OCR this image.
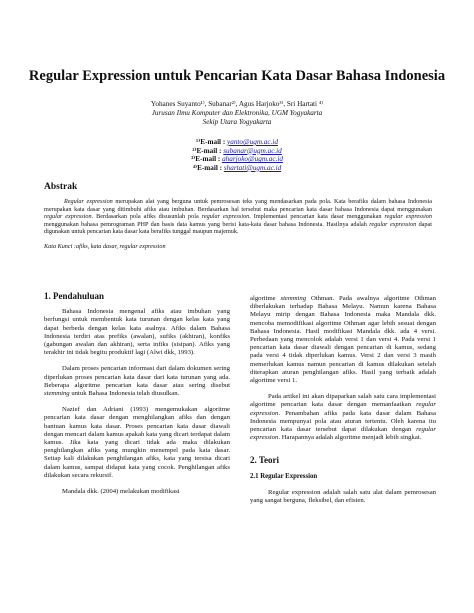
Regular Expression untuk Pencarian Kata Dasar Bahasa Indonesia
Yohanes Suyanto¹⁾, Subanar²⁾, Agus Harjoko³⁾, Sri Hartati ⁴⁾
Jurusan Ilmu Komputer dan Elektronika, UGM Yogyakarta
Sekip Utara Yogyakarta
¹⁾E-mail : yanto@ugm.ac.id
²⁾E-mail : subanar@ugm.ac.id
³⁾E-mail : aharjoko@ugm.ac.id
⁴⁾E-mail : shartati@ugm.ac.id
Abstrak

Regular expression merupakan alat yang berguna untuk pemrosesan teks yang mendasarkan pada pola. Kata berafiks dalam bahasa Indonesia merupakan kata dasar yang ditimbuhi afiks atau imbuhan. Berdasarkan hal tersebut maka pencarian kata dasar bahasa Indonesia dapat menggunakan regular expression. Berdasarkan pola afiks disusunlah pola regular expression. Implementasi pencarian kata dasar menggunakan regular expression menggunakan bahasa pemrograman PHP dan basis data kamus yang berisi kata-kata dasar bahasa Indonesia. Hasilnya adalah regular expression dapat digunakan untuk pencarian kata dasar kata berafiks tunggal maupun majemuk.

Kata Kunci :afiks, kata dasar, regular expression

1. Pendahuluan

Bahasa Indonesia mengenal afiks atau imbuhan yang berfungsi untuk membentuk kata turunan dengan kelas kata yang dapat berbeda dengan kelas kata asalnya. Afiks dalam Bahasa Indonesia terdiri atas prefiks (awalan), sufiks (akhiran), konfiks (gabungan awalan dan akhiran), serta infiks (sisipan). Afiks yang terakhir ini tidak begitu produktif lagi (Alwi dkk, 1993).

Dalam proses pencarian informasi dari dalam dokumen sering diperlukan proses pencarian kata dasar dari kata turunan yang ada. Beberapa algoritme pencarian kata dasar atau sering disebut stemming untuk Bahasa Indonesia telah diusulkan.

Nazief dan Adriani (1993) mengemukakan algoritme pencarian kata dasar dengan menghilangkan afiks dan dengan bantuan kamus kata dasar. Proses pencarian kata dasar diawali dengan mencari dalam kamus apakah kata yang dicari terdapat dalam kamus. Jika kata yang dicari tidak ada maka dilakukan penghilangkan afiks yang mungkin menempel pada kata dasar. Setiap kali dilakukan penghilangan afiks, kata yang tersisa dicari dalam kamus, sampai didapat kata yang cocok. Penghilangan afiks dilakukan secara rekursif.

Mandala dkk. (2004) melakukan modifikasi

algoritme stemming Othman. Pada awalnya algoritme Othman diberlakukan terhadap Bahasa Melayu. Namun karena Bahasa Melayu mirip dengan Bahasa Indonesia maka Mandala dkk. mencoba memodifikasi algoritme Othman agar lebih sesuai dengan Bahasa Indonesia. Hasil modifikasi Mandala dkk. ada 4 versi. Perbedaan yang mencolok adalah versi 1 dan versi 4. Pada versi 1 pencarian kata dasar diawali dengan pencarian di kamus, sedang pada versi 4 tidak diperlukan kamus. Versi 2 dan versi 3 masih memerlukan kamus namun pencarian di kamus dilakukan setelah diterapkan aturan penghilangan afiks. Hasil yang terbaik adalah algoritme versi 1.

Pada artikel ini akan dipaparkan salah satu cara implementasi algoritme pencarian kata dasar dengan memanfaatkan regular expression. Penambahan afiks pada kata dasar dalam Bahasa Indonesia mempunyai pola atau aturan tertentu. Oleh karena itu pencarian kata dasar tersebut dapat dilakukan dengan regular expression. Harapannya adalah algoritme menjadi lebih singkat.

2. Teori

2.1 Regular Expression

Regular expression adalah salah satu alat dalam pemrosesan yang sangat berguna, fleksibel, dan efisien.
